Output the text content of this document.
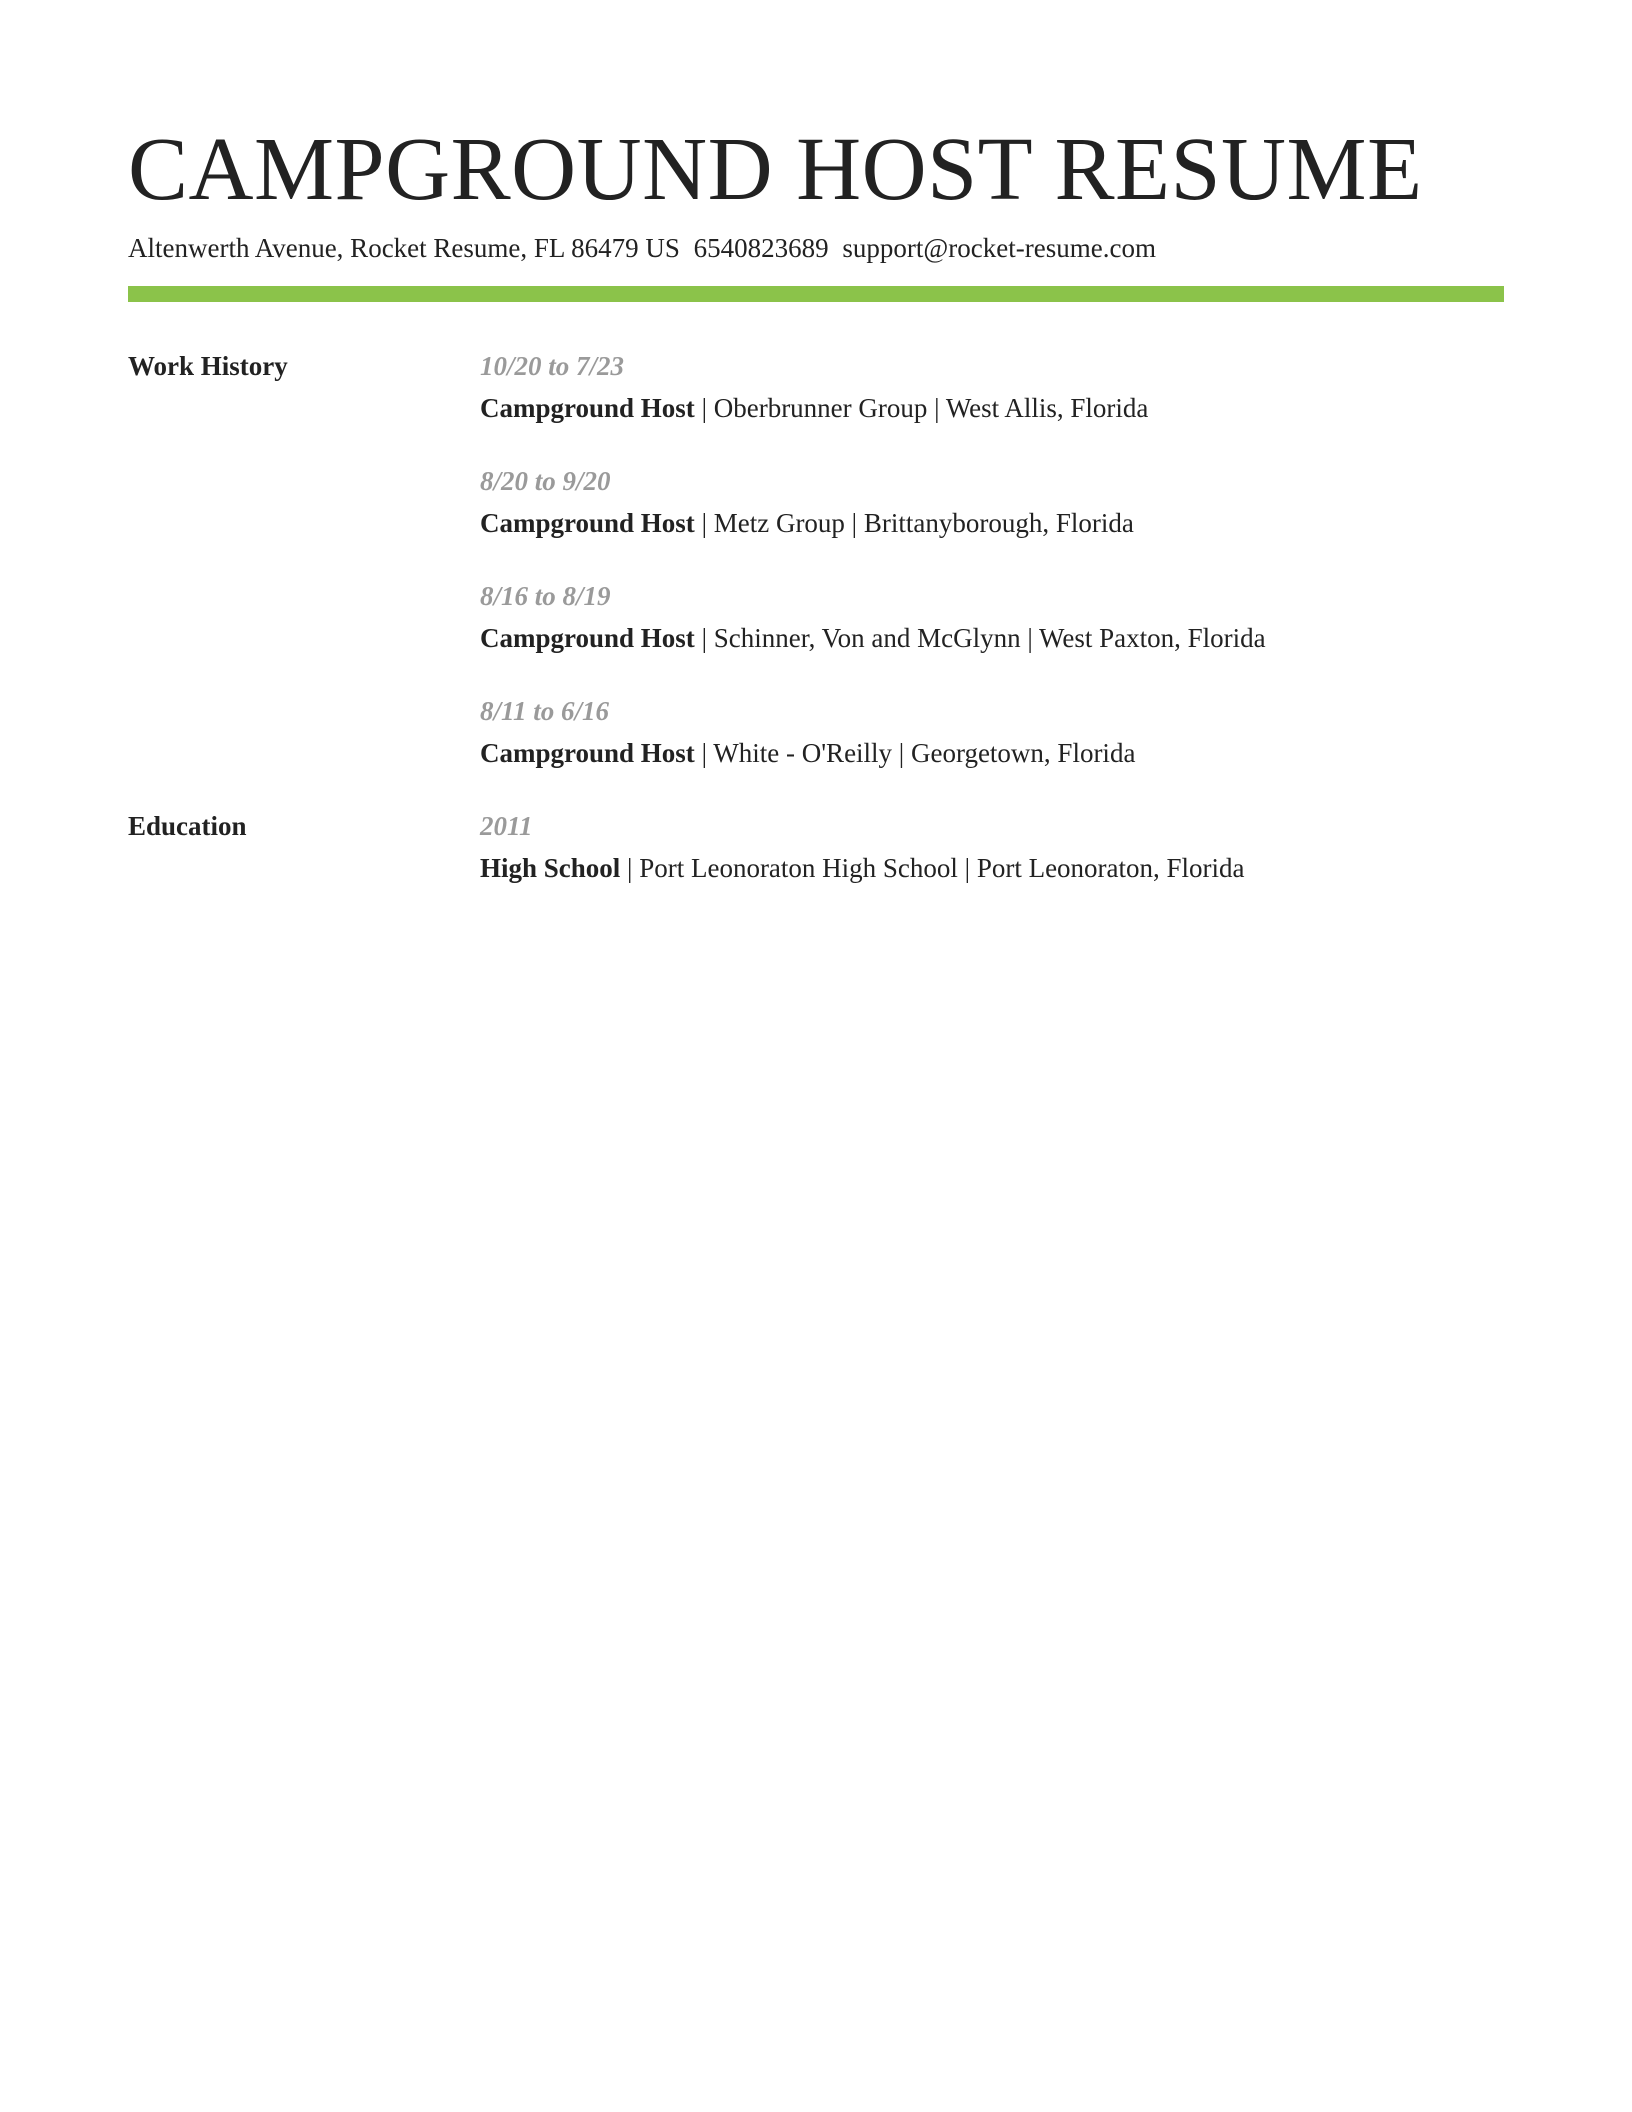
CAMPGROUND HOST RESUME
Altenwerth Avenue, Rocket Resume, FL 86479 US 6540823689 support@rocket-resume.com
Work History	10/20 to 7/23
Campground Host | Oberbrunner Group | West Allis, Florida
8/20 to 9/20
Campground Host | Metz Group | Brittanyborough, Florida
8/16 to 8/19
Campground Host | Schinner, Von and McGlynn | West Paxton, Florida
8/11 to 6/16
Campground Host | White - O'Reilly | Georgetown, Florida
Education	2011
High School | Port Leonoraton High School | Port Leonoraton, Florida
